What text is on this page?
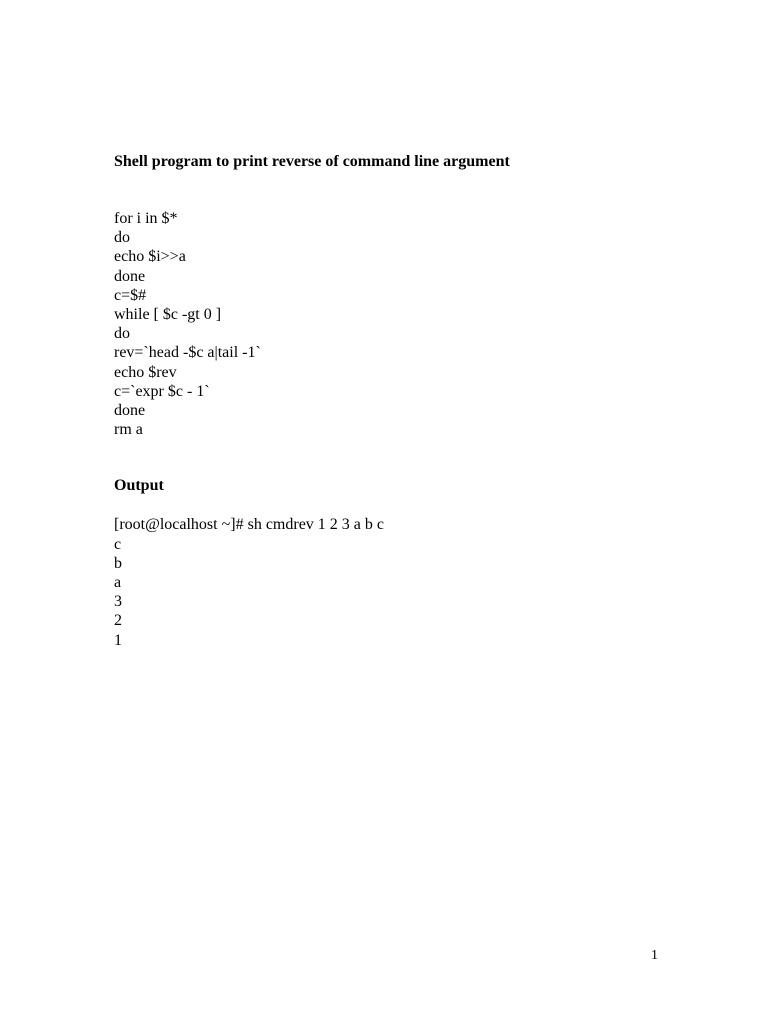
Shell program to print reverse of command line argument

for i in $*
do
echo $i>>a
done
c=$#
while [ $c -gt 0 ]
do
rev=`head -$c a|tail -1`
echo $rev
c=`expr $c - 1`
done
rm a

Output

[root@localhost ~]# sh cmdrev 1 2 3 a b c
c
b
a
3
2
1
1
